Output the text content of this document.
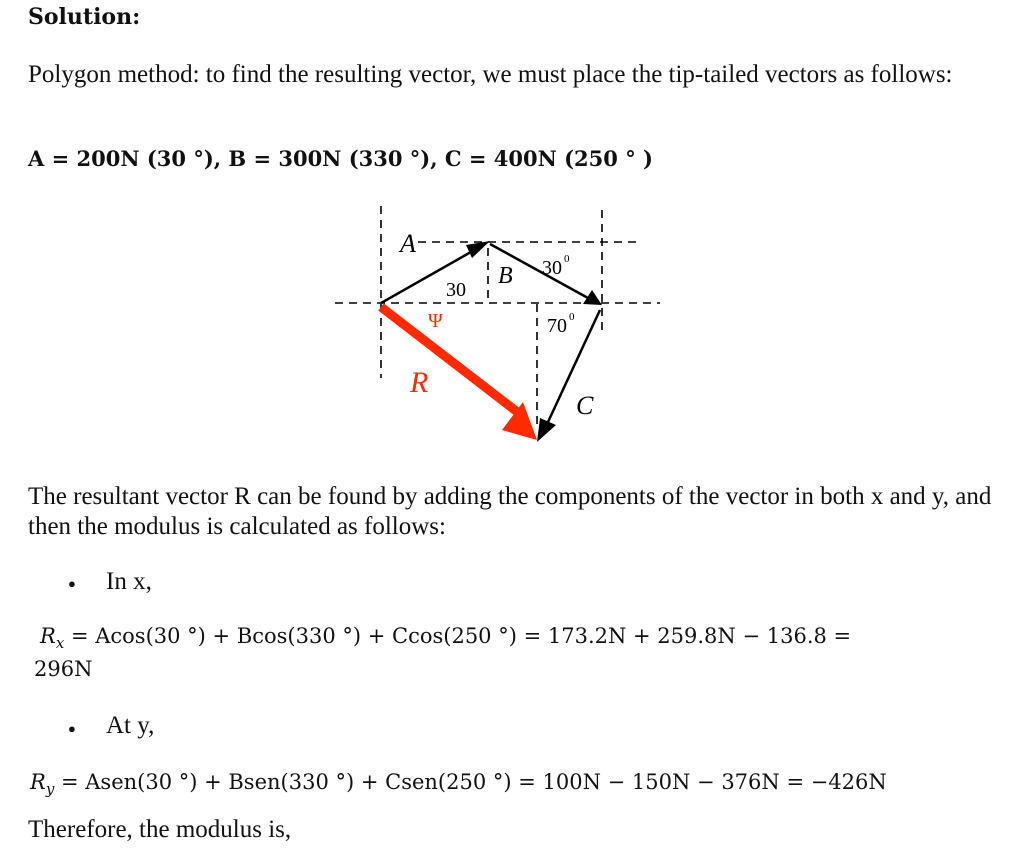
Solution:
Polygon method: to find the resulting vector, we must place the tip-tailed vectors as follows:
A = 200N (30 °), B = 300N (330 °), C = 400N (250 ° )
A
B
C
R
30
30 0
70 0
Ψ
The resultant vector R can be found by adding the components of the vector in both x and y, and then the modulus is calculated as follows:
● In x,
$R_x = Acos(30$ °) + Bcos(330 °) + Ccos(250 °) = 173.2N + 259.8N − 136.8 =
296N
● At y,
$R_y$ = Asen(30 °) + Bsen(330 °) + Csen(250 °) = 100N − 150N − 376N = −426N
Therefore, the modulus is,
